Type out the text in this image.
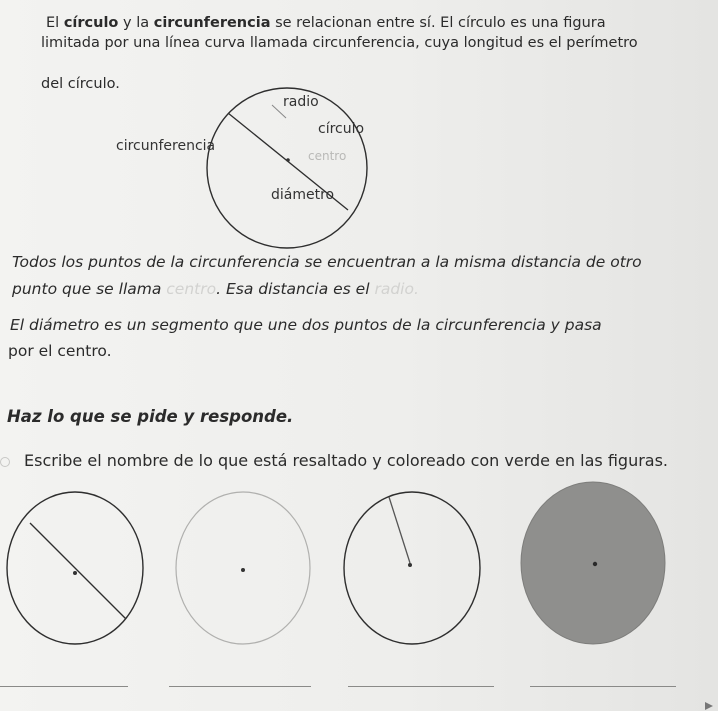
El círculo y la circunferencia se relacionan entre sí. El círculo es una figura
limitada por una línea curva llamada circunferencia, cuya longitud es el perímetro
del círculo.
radio
círculo
circunferencia
centro
diámetro
Todos los puntos de la circunferencia se encuentran a la misma distancia de otro
punto que se llama centro. Esa distancia es el radio.
El diámetro es un segmento que une dos puntos de la circunferencia y pasa
por el centro.
Haz lo que se pide y responde.
Escribe el nombre de lo que está resaltado y coloreado con verde en las figuras.
